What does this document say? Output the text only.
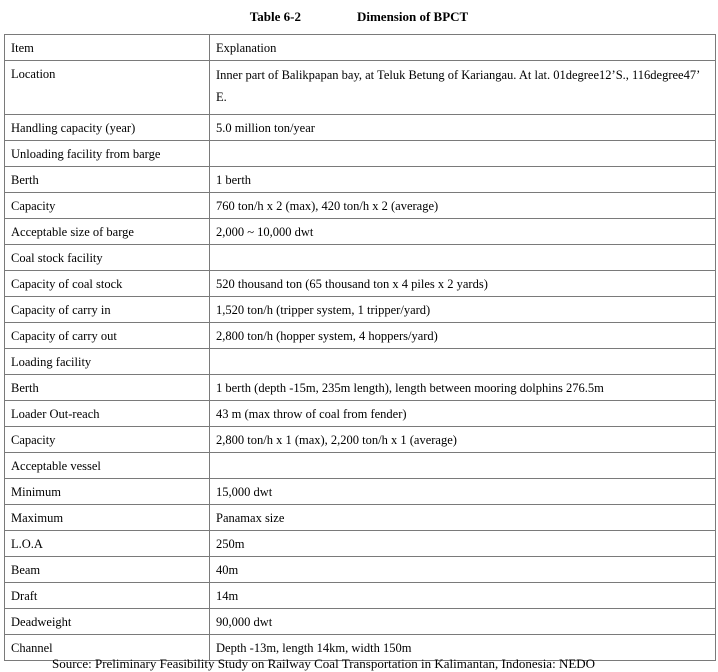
Table 6-2	Dimension of BPCT
Item	Explanation
Location	Inner part of Balikpapan bay, at Teluk Betung of Kariangau. At lat. 01degree12’S., 116degree47’ E.
Handling capacity (year)	5.0 million ton/year
Unloading facility from barge	
Berth	1 berth
Capacity	760 ton/h x 2 (max), 420 ton/h x 2 (average)
Acceptable size of barge	2,000 ~ 10,000 dwt
Coal stock facility	
Capacity of coal stock	520 thousand ton (65 thousand ton x 4 piles x 2 yards)
Capacity of carry in	1,520 ton/h (tripper system, 1 tripper/yard)
Capacity of carry out	2,800 ton/h (hopper system, 4 hoppers/yard)
Loading facility	
Berth	1 berth (depth -15m, 235m length), length between mooring dolphins 276.5m
Loader Out-reach	43 m (max throw of coal from fender)
Capacity	2,800 ton/h x 1 (max), 2,200 ton/h x 1 (average)
Acceptable vessel	
Minimum	15,000 dwt
Maximum	Panamax size
L.O.A	250m
Beam	40m
Draft	14m
Deadweight	90,000 dwt
Channel	Depth -13m, length 14km, width 150m
Source: Preliminary Feasibility Study on Railway Coal Transportation in Kalimantan, Indonesia: NEDO
